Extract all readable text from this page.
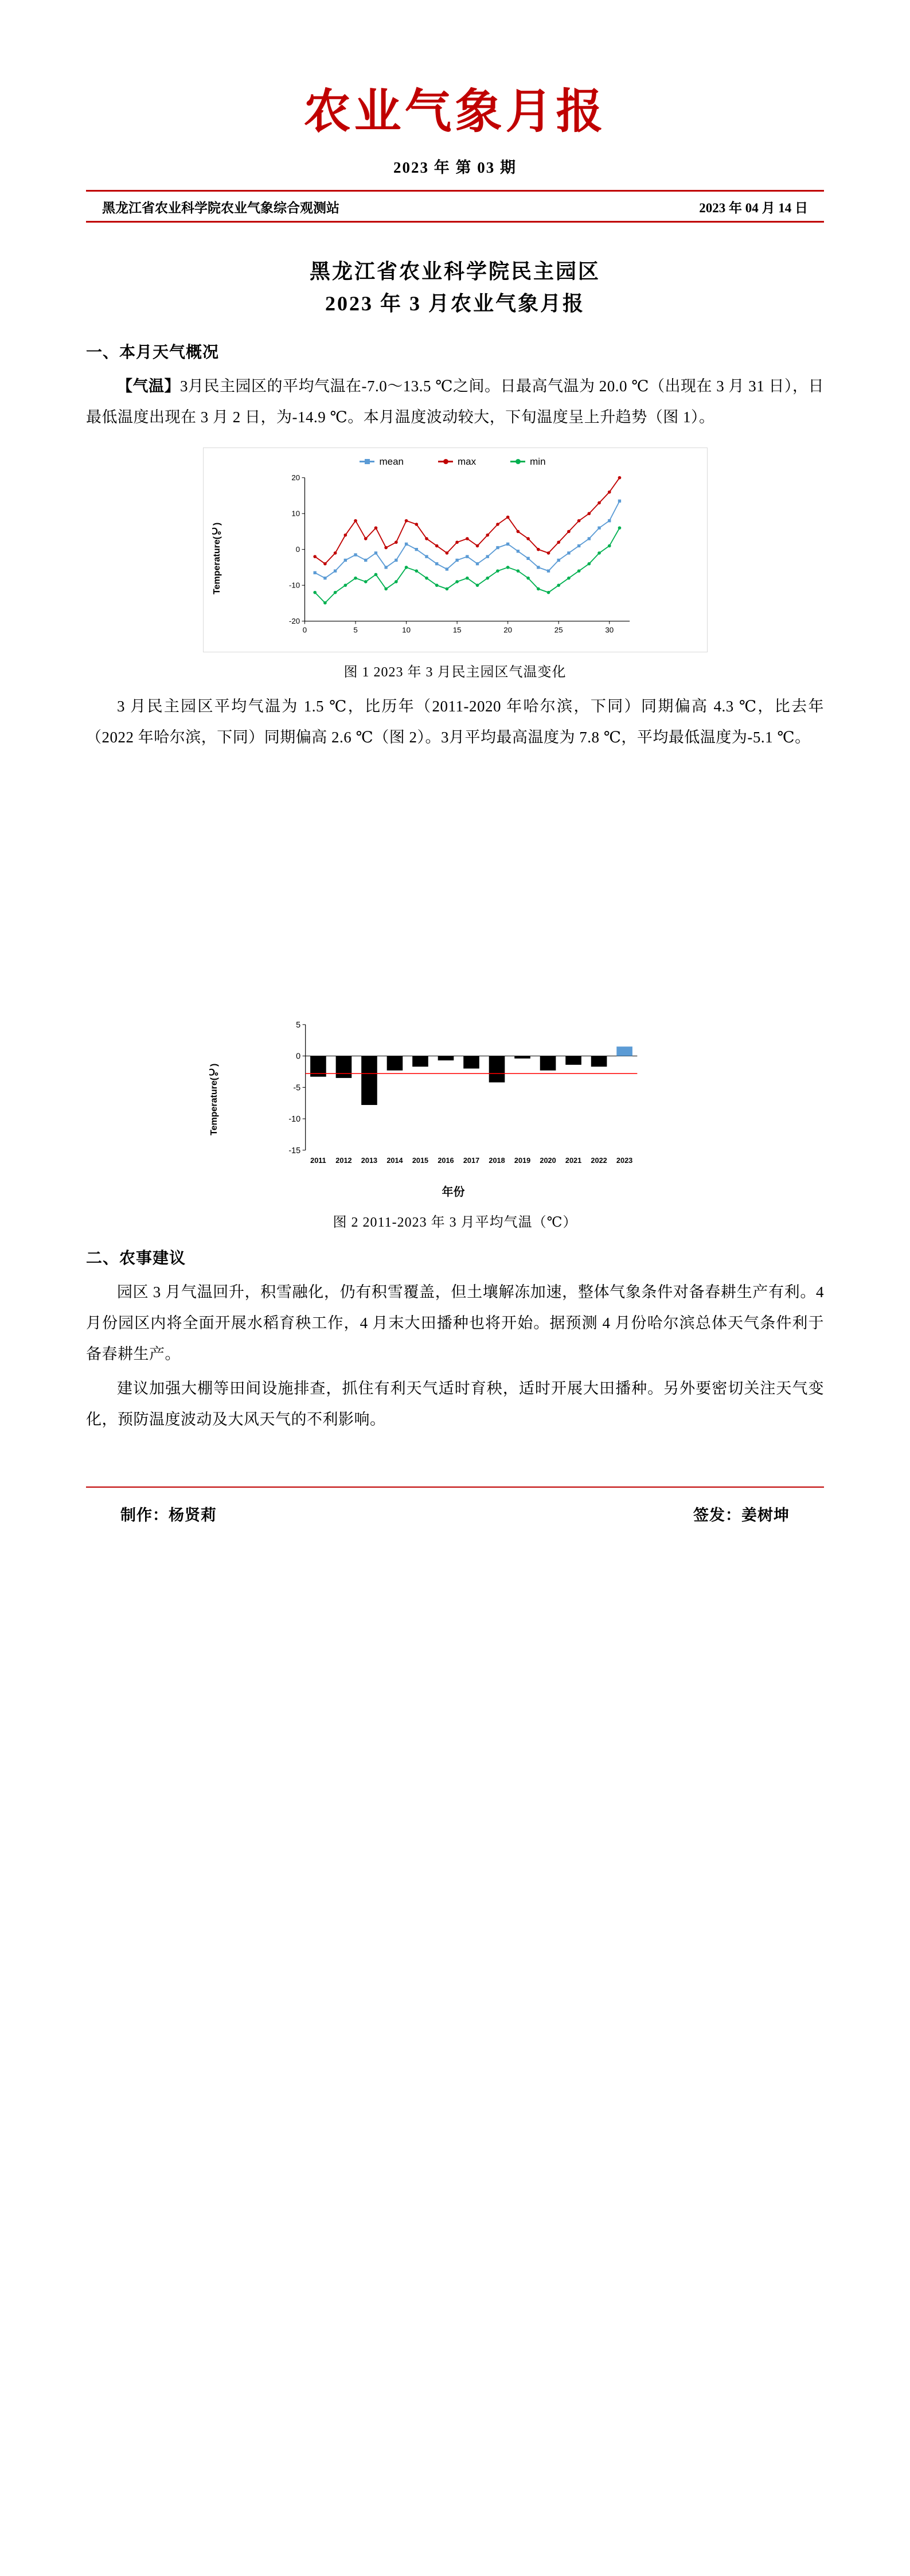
农业气象月报
2023 年 第 03 期
黑龙江省农业科学院农业气象综合观测站	2023 年 04 月 14 日
黑龙江省农业科学院民主园区
2023 年 3 月农业气象月报
一、本月天气概况

【气温】3月民主园区的平均气温在-7.0～13.5 ℃之间。日最高气温为 20.0 ℃（出现在 3 月 31 日），日最低温度出现在 3 月 2 日，为-14.9 ℃。本月温度波动较大，下旬温度呈上升趋势（图 1）。

mean	max	min
Temperature(℃)
-20
-10
0
10
20
0	5	10	15	20	25	30
图 1 2023 年 3 月民主园区气温变化

3 月民主园区平均气温为 1.5 ℃，比历年（2011-2020 年哈尔滨，下同）同期偏高 4.3 ℃，比去年（2022 年哈尔滨，下同）同期偏高 2.6 ℃（图 2）。3月平均最高温度为 7.8 ℃，平均最低温度为-5.1 ℃。

Temperature(℃)
-15
-10
-5
0
5
2011 2012 2013 2014 2015 2016 2017 2018 2019 2020 2021 2022 2023
年份
图 2 2011-2023 年 3 月平均气温（℃）
二、农事建议

园区 3 月气温回升，积雪融化，仍有积雪覆盖，但土壤解冻加速，整体气象条件对备春耕生产有利。4 月份园区内将全面开展水稻育秧工作，4 月末大田播种也将开始。据预测 4 月份哈尔滨总体天气条件利于备春耕生产。

建议加强大棚等田间设施排查，抓住有利天气适时育秧，适时开展大田播种。另外要密切关注天气变化，预防温度波动及大风天气的不利影响。

制作：杨贤莉	签发：姜树坤
